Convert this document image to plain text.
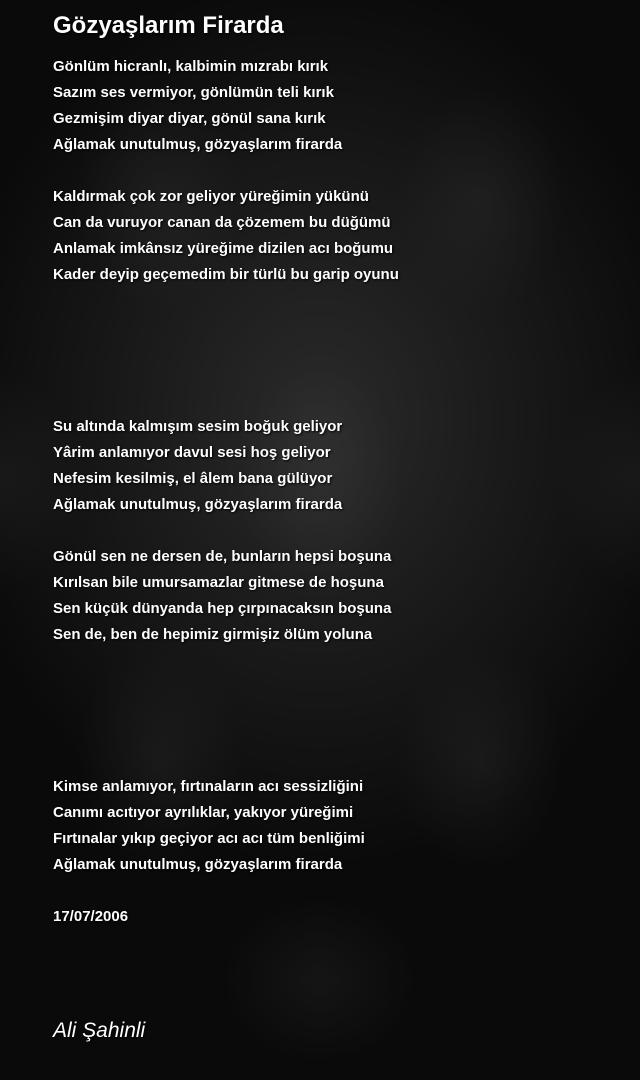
Gözyaşlarım Firarda
Gönlüm hicranlı, kalbimin mızrabı kırık
Sazım ses vermiyor, gönlümün teli kırık
Gezmişim diyar diyar, gönül sana kırık
Ağlamak unutulmuş, gözyaşlarım firarda
Kaldırmak çok zor geliyor yüreğimin yükünü
Can da vuruyor canan da çözemem bu düğümü
Anlamak imkânsız yüreğime dizilen acı boğumu
Kader deyip geçemedim bir türlü bu garip oyunu
Su altında kalmışım sesim boğuk geliyor
Yârim anlamıyor davul sesi hoş geliyor
Nefesim kesilmiş, el âlem bana gülüyor
Ağlamak unutulmuş, gözyaşlarım firarda
Gönül sen ne dersen de, bunların hepsi boşuna
Kırılsan bile umursamazlar gitmese de hoşuna
Sen küçük dünyanda hep çırpınacaksın boşuna
Sen de, ben de hepimiz girmişiz ölüm yoluna
Kimse anlamıyor, fırtınaların acı sessizliğini
Canımı acıtıyor ayrılıklar, yakıyor yüreğimi
Fırtınalar yıkıp geçiyor acı acı tüm benliğimi
Ağlamak unutulmuş, gözyaşlarım firarda
17/07/2006
Ali Şahinli
